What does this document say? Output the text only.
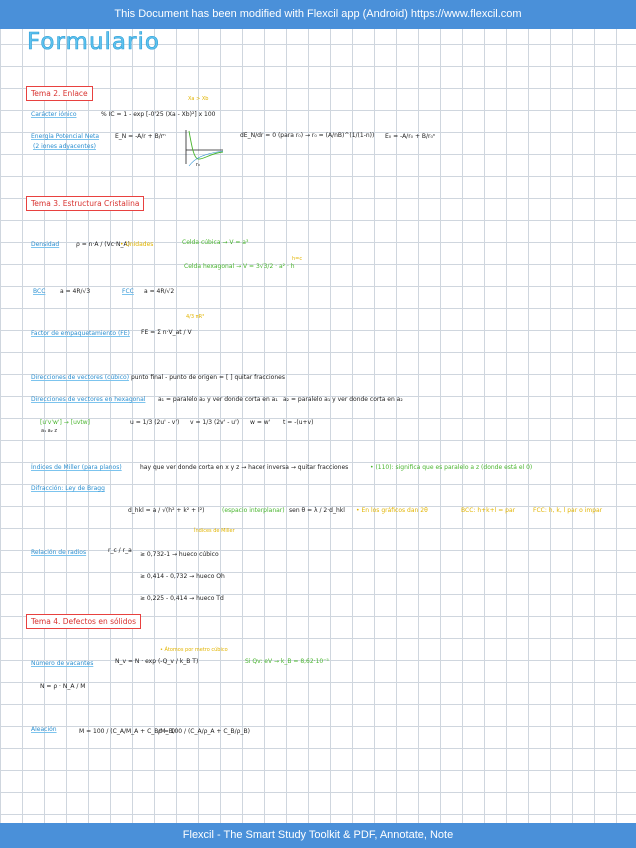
This Document has been modified with Flexcil app (Android) https://www.flexcil.com
Formulario
Tema 2. Enlace
Carácter iónico	% IC = 1 - exp [-0'25 (Xa - Xb)²] x 100
Xa > Xb
Energía Potencial Neta
(2 iones adyacentes)
E_N = -A/r + B/rⁿ
r₀
dE_N/dr = 0 (para r₀) → r₀ = (A/nB)^(1/(1-n)) E₀ = -A/r₀ + B/r₀ⁿ
Tema 3. Estructura Cristalina
Densidad	ρ = n·A / (Vc·N_A)
• Unidades	Celda cúbica → V = a³
Celda hexagonal → V = 3√3/2 · a² · h
h=c
BCC a = 4R/√3	FCC a = 4R/√2
Factor de empaquetamiento (FE) FE = Σ n·V_at / V
4/3 πR³
Direcciones de vectores (cúbico) punto final - punto de origen = [ ] quitar fracciones
Direcciones de vectores en hexagonal a₁ = paralelo a₂ y ver donde corta en a₁ a₂ = paralelo a₁ y ver donde corta en a₂
[u'v'w'] → [uvtw]
a₁ a₂ z
u = 1/3 (2u' - v') v = 1/3 (2v' - u') w = w' t = -(u+v)
Índices de Miller (para planos)	hay que ver donde corta en x y z → hacer inversa → quitar fracciones	• (110): significa que es paralelo a z (donde está el 0)
Difracción: Ley de Bragg
d_hkl = a / √(h² + k² + l²)	(espacio interplanar)
Índices de Miller
sen θ = λ / 2·d_hkl • En los gráficos dan 2θ	BCC: h+k+l = par	FCC: h, k, l par o impar
Relación de radios	r_c / r_a
≥ 0,732-1 → hueco cúbico
≥ 0,414 - 0,732 → hueco Oh
≥ 0,225 - 0,414 → hueco Td
Tema 4. Defectos en sólidos
Número de vacantes	N_v = N · exp (-Q_v / k_B T)
• Átomos por metro cúbico
Si Qv: eV → k_B = 8,62·10⁻⁵
N = ρ · N_A / M
Aleación	M = 100 / (C_A/M_A + C_B/M_B)
ρ = 100 / (C_A/ρ_A + C_B/ρ_B)
Flexcil - The Smart Study Toolkit & PDF, Annotate, Note
